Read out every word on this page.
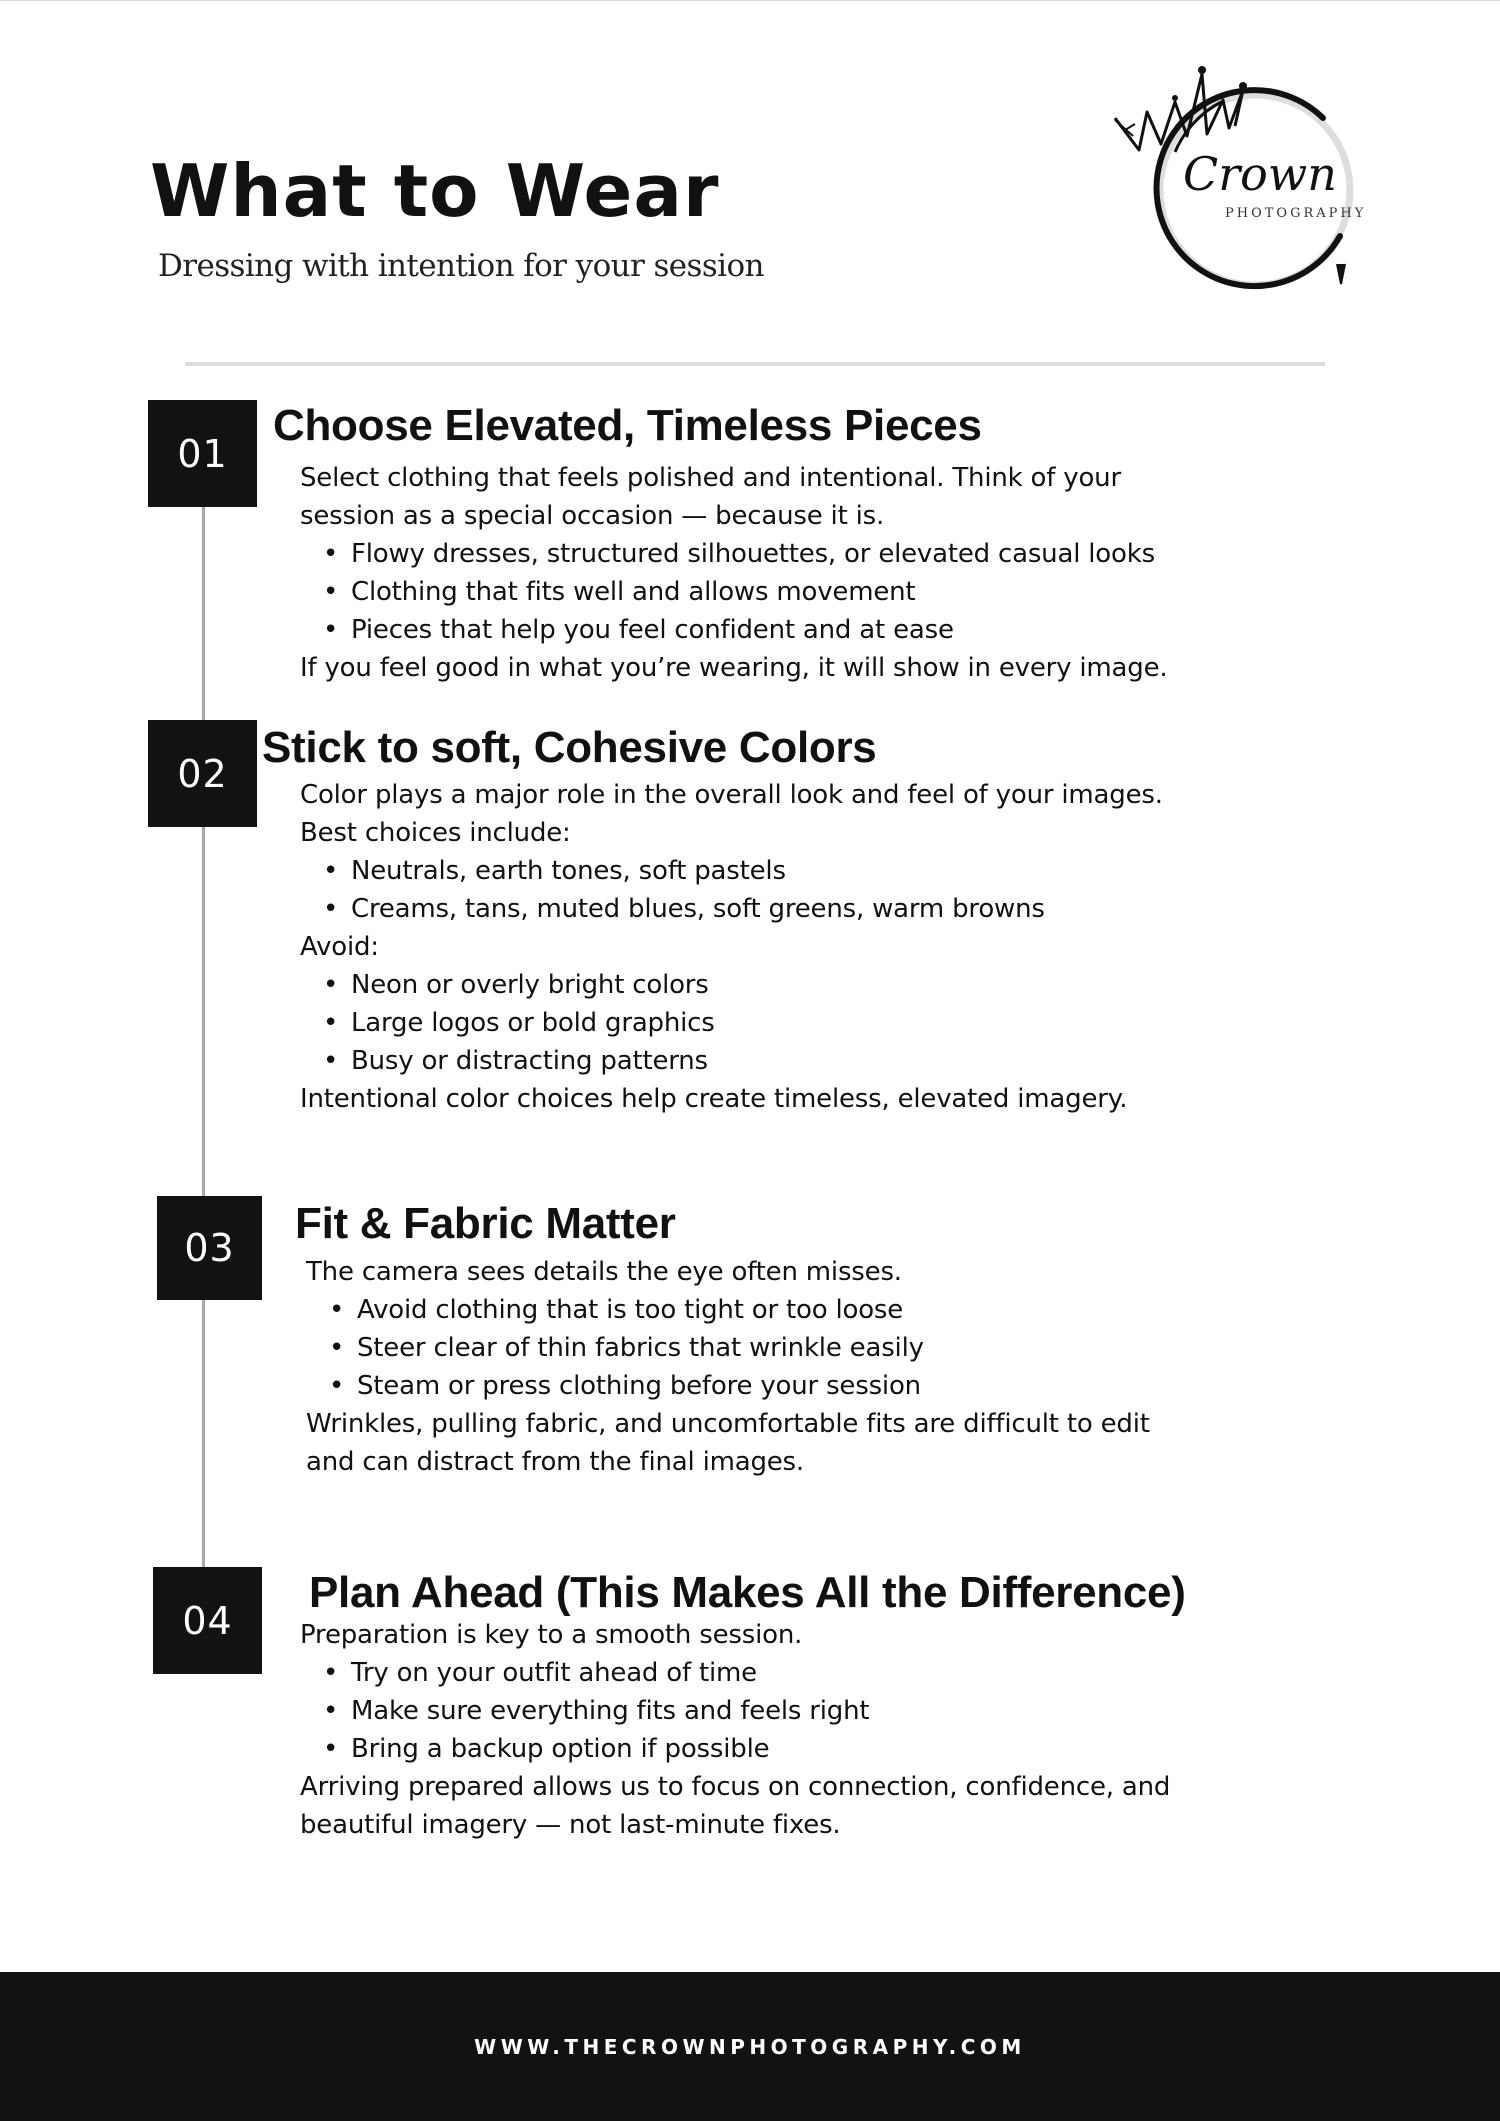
What to Wear
Dressing with intention for your session
Crown
PHOTOGRAPHY
01
Choose Elevated, Timeless Pieces

Select clothing that feels polished and intentional. Think of your

session as a special occasion — because it is.

• Flowy dresses, structured silhouettes, or elevated casual looks
• Clothing that fits well and allows movement
• Pieces that help you feel confident and at ease

If you feel good in what you’re wearing, it will show in every image.

02
Stick to soft, Cohesive Colors

Color plays a major role in the overall look and feel of your images.

Best choices include:

• Neutrals, earth tones, soft pastels
• Creams, tans, muted blues, soft greens, warm browns

Avoid:

• Neon or overly bright colors
• Large logos or bold graphics
• Busy or distracting patterns

Intentional color choices help create timeless, elevated imagery.

03	Fit & Fabric Matter

The camera sees details the eye often misses.

• Avoid clothing that is too tight or too loose
• Steer clear of thin fabrics that wrinkle easily
• Steam or press clothing before your session

Wrinkles, pulling fabric, and uncomfortable fits are difficult to edit

and can distract from the final images.

04
Plan Ahead (This Makes All the Difference)

Preparation is key to a smooth session.

• Try on your outfit ahead of time
• Make sure everything fits and feels right
• Bring a backup option if possible

Arriving prepared allows us to focus on connection, confidence, and

beautiful imagery — not last-minute fixes.

WWW.THECROWNPHOTOGRAPHY.COM
